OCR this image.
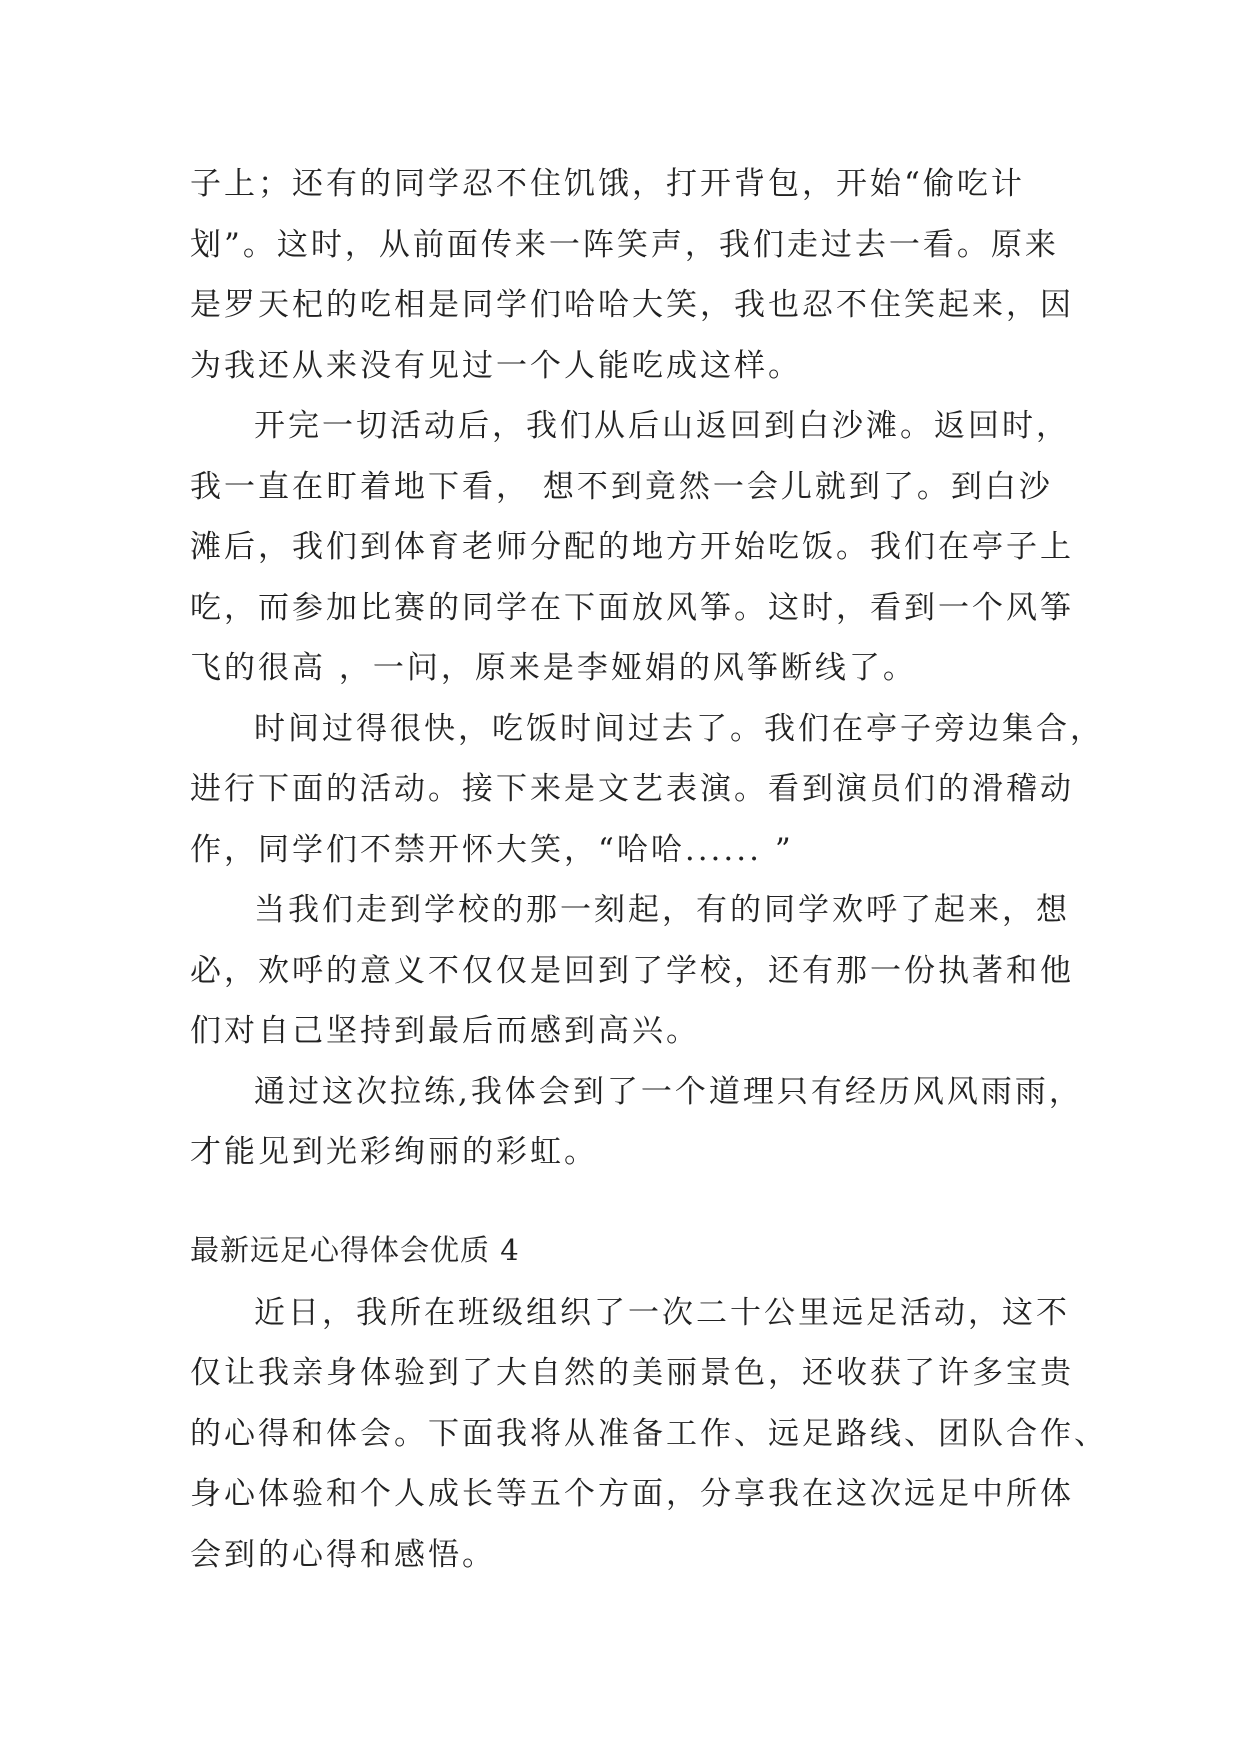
子上；还有的同学忍不住饥饿，打开背包，开始“偷吃计
划”。这时，从前面传来一阵笑声，我们走过去一看。原来
是罗天杞的吃相是同学们哈哈大笑，我也忍不住笑起来，因
为我还从来没有见过一个人能吃成这样。
开完一切活动后，我们从后山返回到白沙滩。返回时，
我一直在盯着地下看， 想不到竟然一会儿就到了。到白沙
滩后，我们到体育老师分配的地方开始吃饭。我们在亭子上
吃，而参加比赛的同学在下面放风筝。这时，看到一个风筝
飞的很高 ，一问，原来是李娅娟的风筝断线了。
时间过得很快，吃饭时间过去了。我们在亭子旁边集合，
进行下面的活动。接下来是文艺表演。看到演员们的滑稽动
作，同学们不禁开怀大笑，“哈哈...... ”
当我们走到学校的那一刻起，有的同学欢呼了起来，想
必，欢呼的意义不仅仅是回到了学校，还有那一份执著和他
们对自己坚持到最后而感到高兴。
通过这次拉练,我体会到了一个道理只有经历风风雨雨，
才能见到光彩绚丽的彩虹。
最新远足心得体会优质 4
近日，我所在班级组织了一次二十公里远足活动，这不
仅让我亲身体验到了大自然的美丽景色，还收获了许多宝贵
的心得和体会。下面我将从准备工作、远足路线、团队合作、
身心体验和个人成长等五个方面，分享我在这次远足中所体
会到的心得和感悟。
